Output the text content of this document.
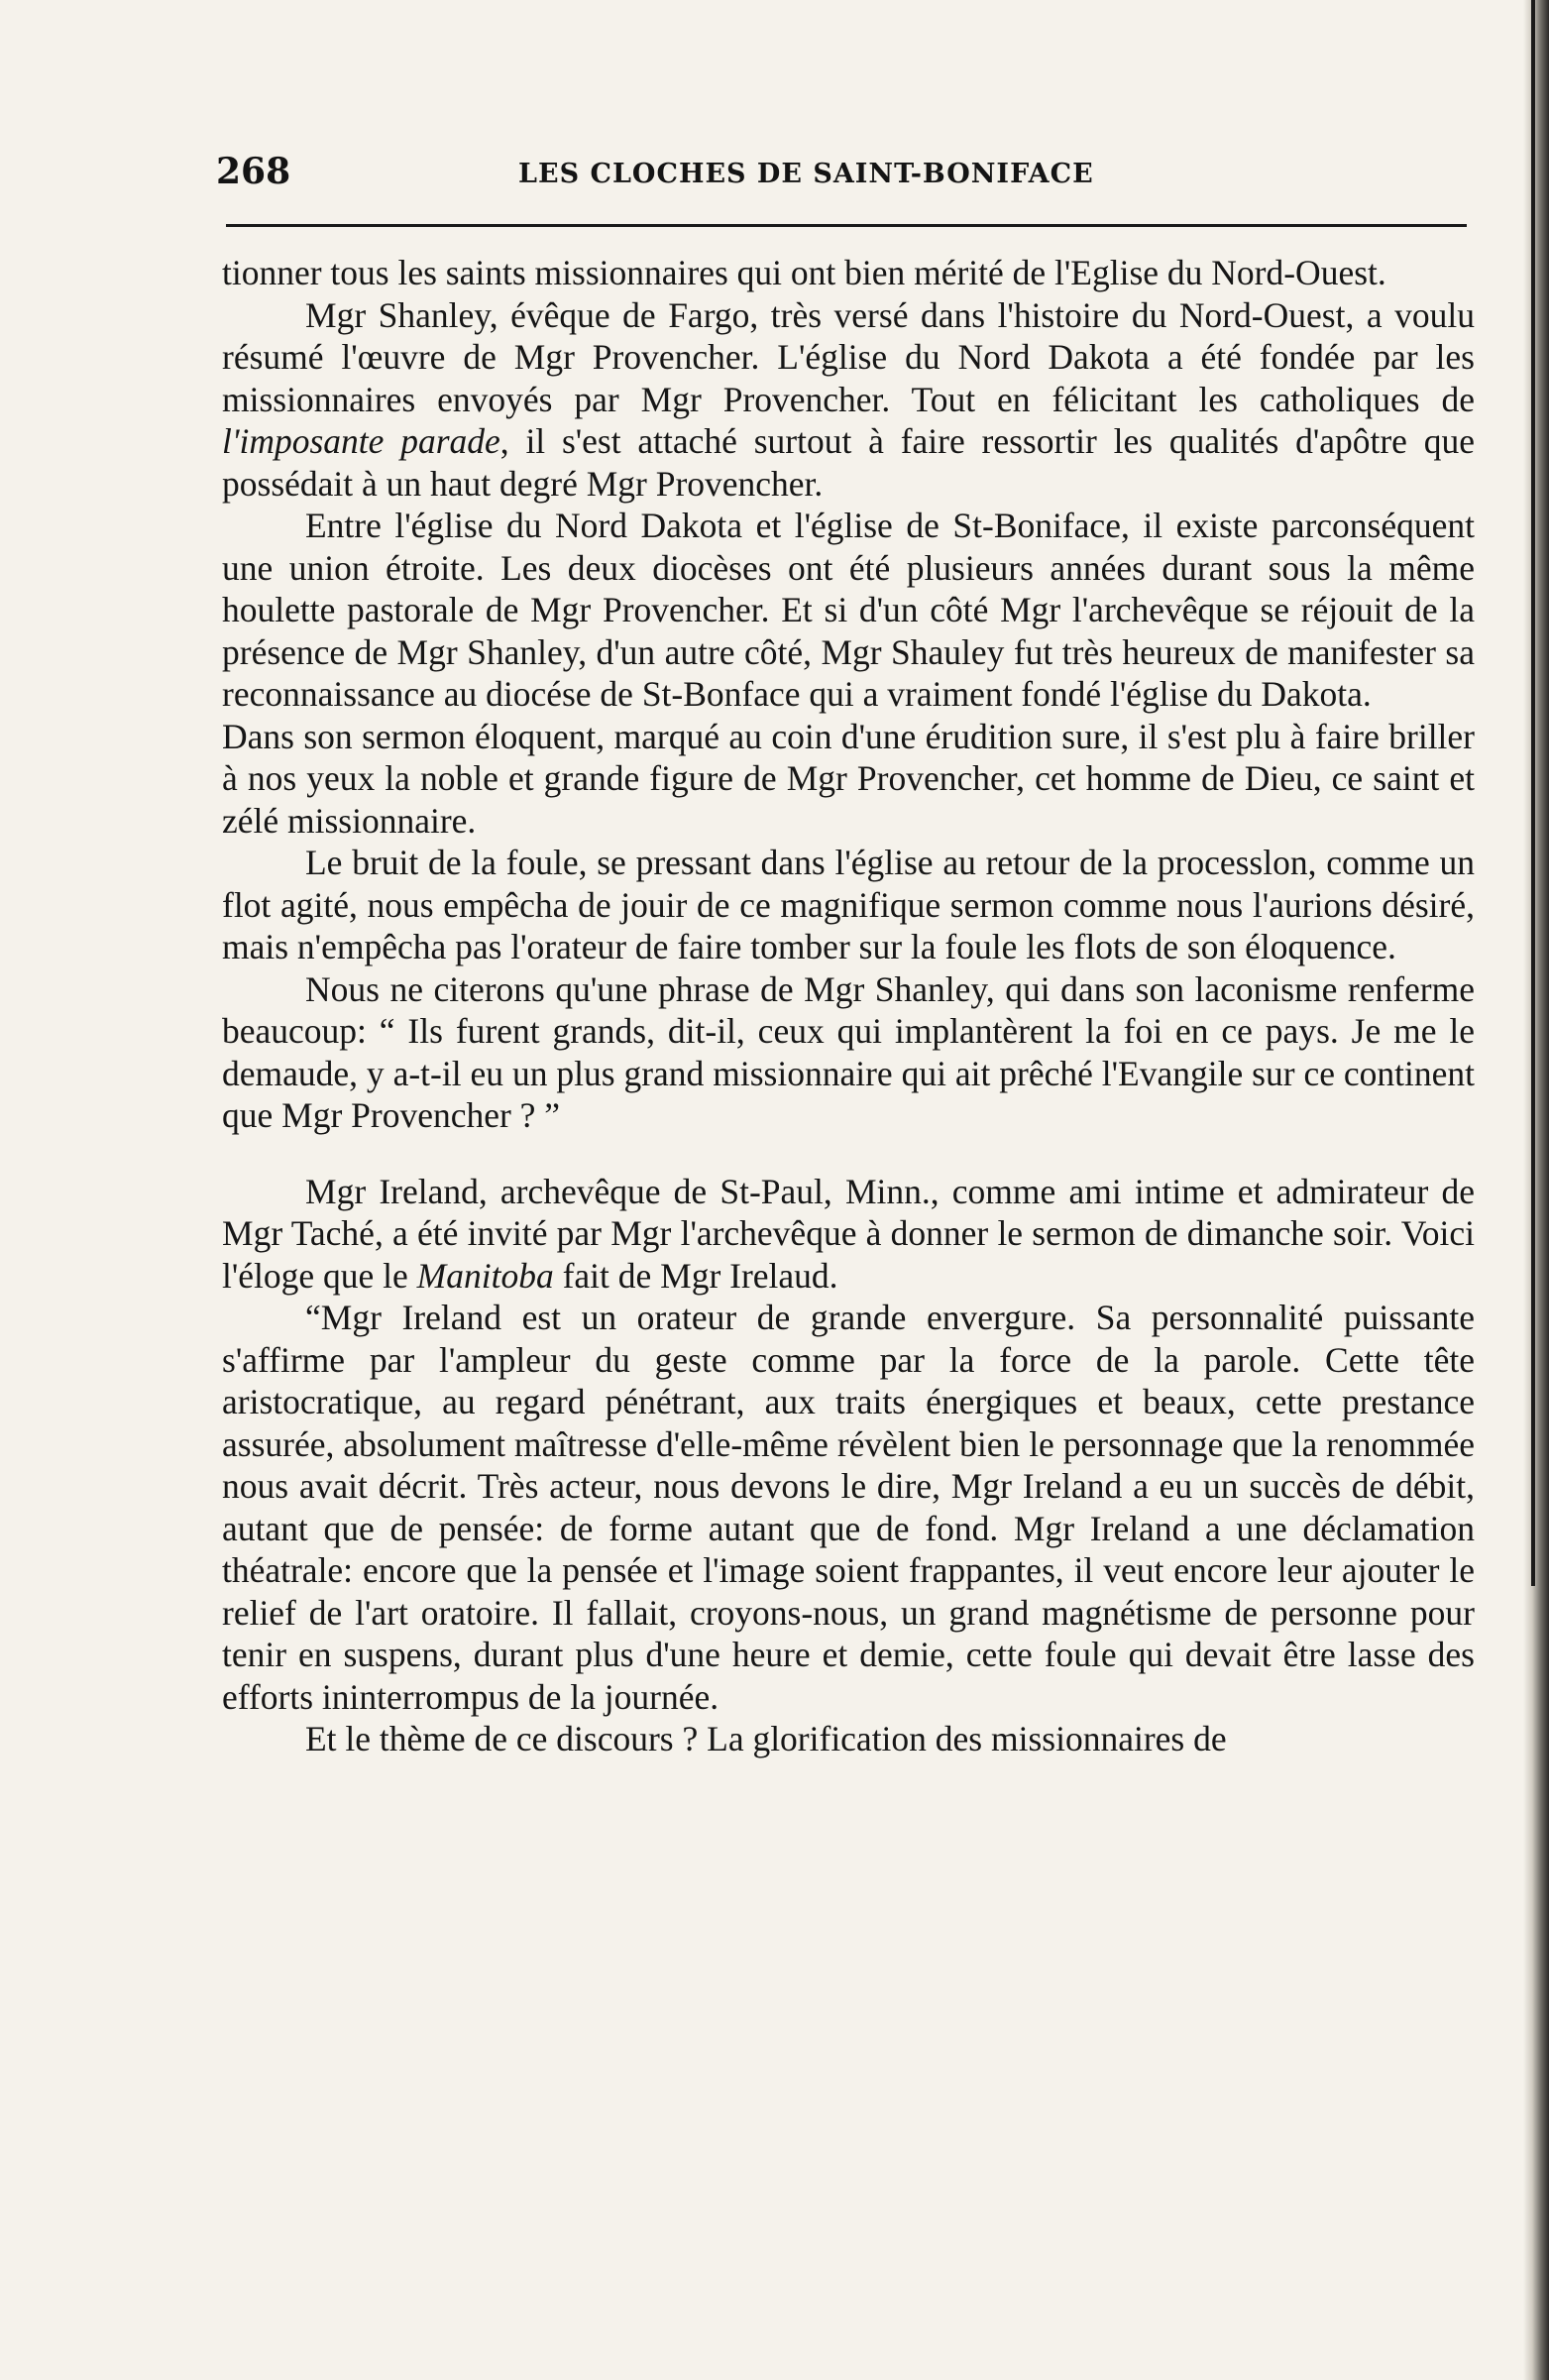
268	LES CLOCHES DE SAINT-BONIFACE

tionner tous les saints missionnaires qui ont bien mérité de l'Eglise du Nord-Ouest.

Mgr Shanley, évêque de Fargo, très versé dans l'histoire du Nord-Ouest, a voulu résumé l'œuvre de Mgr Provencher. L'église du Nord Dakota a été fondée par les missionnaires envoyés par Mgr Provencher. Tout en félicitant les catholiques de l'imposante parade, il s'est attaché surtout à faire ressortir les qualités d'apôtre que possédait à un haut degré Mgr Provencher.

Entre l'église du Nord Dakota et l'église de St-Boniface, il existe parconséquent une union étroite. Les deux diocèses ont été plusieurs années durant sous la même houlette pastorale de Mgr Provencher. Et si d'un côté Mgr l'archevêque se réjouit de la présence de Mgr Shanley, d'un autre côté, Mgr Shauley fut très heureux de manifester sa reconnaissance au diocése de St-Bonface qui a vraiment fondé l'église du Dakota.

Dans son sermon éloquent, marqué au coin d'une érudition sure, il s'est plu à faire briller à nos yeux la noble et grande figure de Mgr Provencher, cet homme de Dieu, ce saint et zélé missionnaire.

Le bruit de la foule, se pressant dans l'église au retour de la processlon, comme un flot agité, nous empêcha de jouir de ce magnifique sermon comme nous l'aurions désiré, mais n'empêcha pas l'orateur de faire tomber sur la foule les flots de son éloquence.

Nous ne citerons qu'une phrase de Mgr Shanley, qui dans son laconisme renferme beaucoup: “ Ils furent grands, dit-il, ceux qui implantèrent la foi en ce pays. Je me le demaude, y a-t-il eu un plus grand missionnaire qui ait prêché l'Evangile sur ce continent que Mgr Provencher ? ”

Mgr Ireland, archevêque de St-Paul, Minn., comme ami intime et admirateur de Mgr Taché, a été invité par Mgr l'archevêque à donner le sermon de dimanche soir. Voici l'éloge que le Manitoba fait de Mgr Irelaud.

“Mgr Ireland est un orateur de grande envergure. Sa personnalité puissante s'affirme par l'ampleur du geste comme par la force de la parole. Cette tête aristocratique, au regard pénétrant, aux traits énergiques et beaux, cette prestance assurée, absolument maîtresse d'elle-même révèlent bien le personnage que la renommée nous avait décrit. Très acteur, nous devons le dire, Mgr Ireland a eu un succès de débit, autant que de pensée: de forme autant que de fond. Mgr Ireland a une déclamation théatrale: encore que la pensée et l'image soient frappantes, il veut encore leur ajouter le relief de l'art oratoire. Il fallait, croyons-nous, un grand magnétisme de personne pour tenir en suspens, durant plus d'une heure et demie, cette foule qui devait être lasse des efforts ininterrompus de la journée.

Et le thème de ce discours ? La glorification des missionnaires de
